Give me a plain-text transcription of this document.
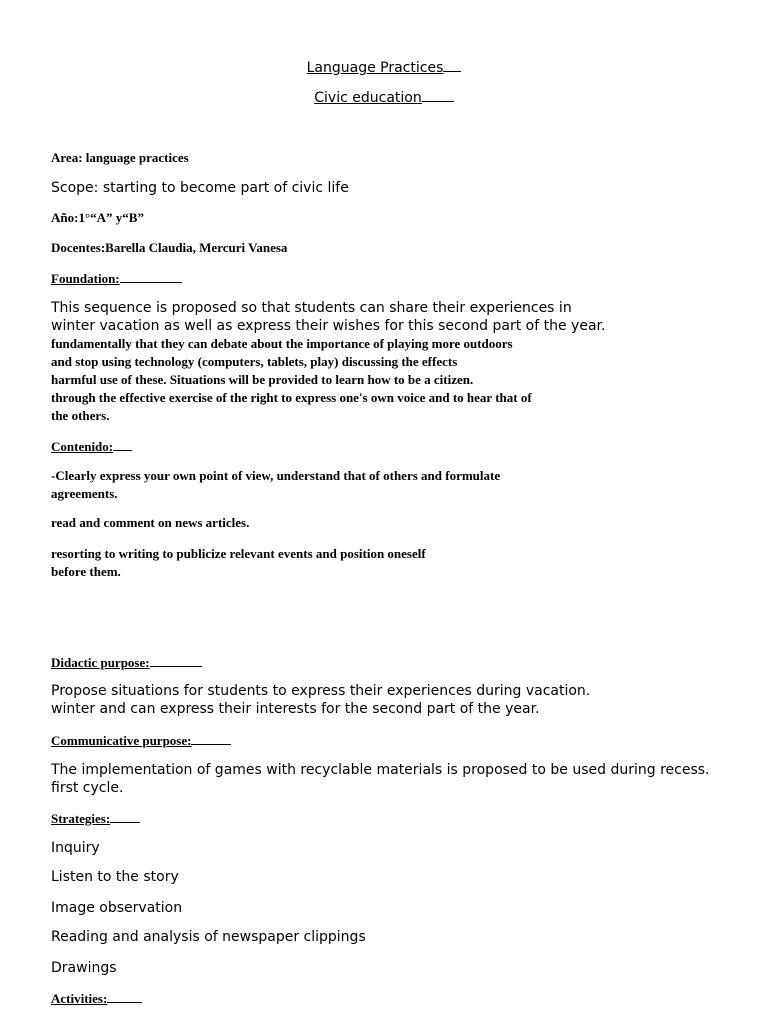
Language Practices
Civic education

Area: language practices

Scope: starting to become part of civic life

Año:1°“A” y“B”

Docentes:Barella Claudia, Mercuri Vanesa

Foundation:

This sequence is proposed so that students can share their experiences in

winter vacation as well as express their wishes for this second part of the year.

fundamentally that they can debate about the importance of playing more outdoors

and stop using technology (computers, tablets, play) discussing the effects

harmful use of these. Situations will be provided to learn how to be a citizen.

through the effective exercise of the right to express one's own voice and to hear that of

the others.

Contenido:

-Clearly express your own point of view, understand that of others and formulate

agreements.

read and comment on news articles.

resorting to writing to publicize relevant events and position oneself

before them.

Didactic purpose:

Propose situations for students to express their experiences during vacation.

winter and can express their interests for the second part of the year.

Communicative purpose:

The implementation of games with recyclable materials is proposed to be used during recess.

first cycle.

Strategies:

Inquiry

Listen to the story

Image observation

Reading and analysis of newspaper clippings

Drawings

Activities:
